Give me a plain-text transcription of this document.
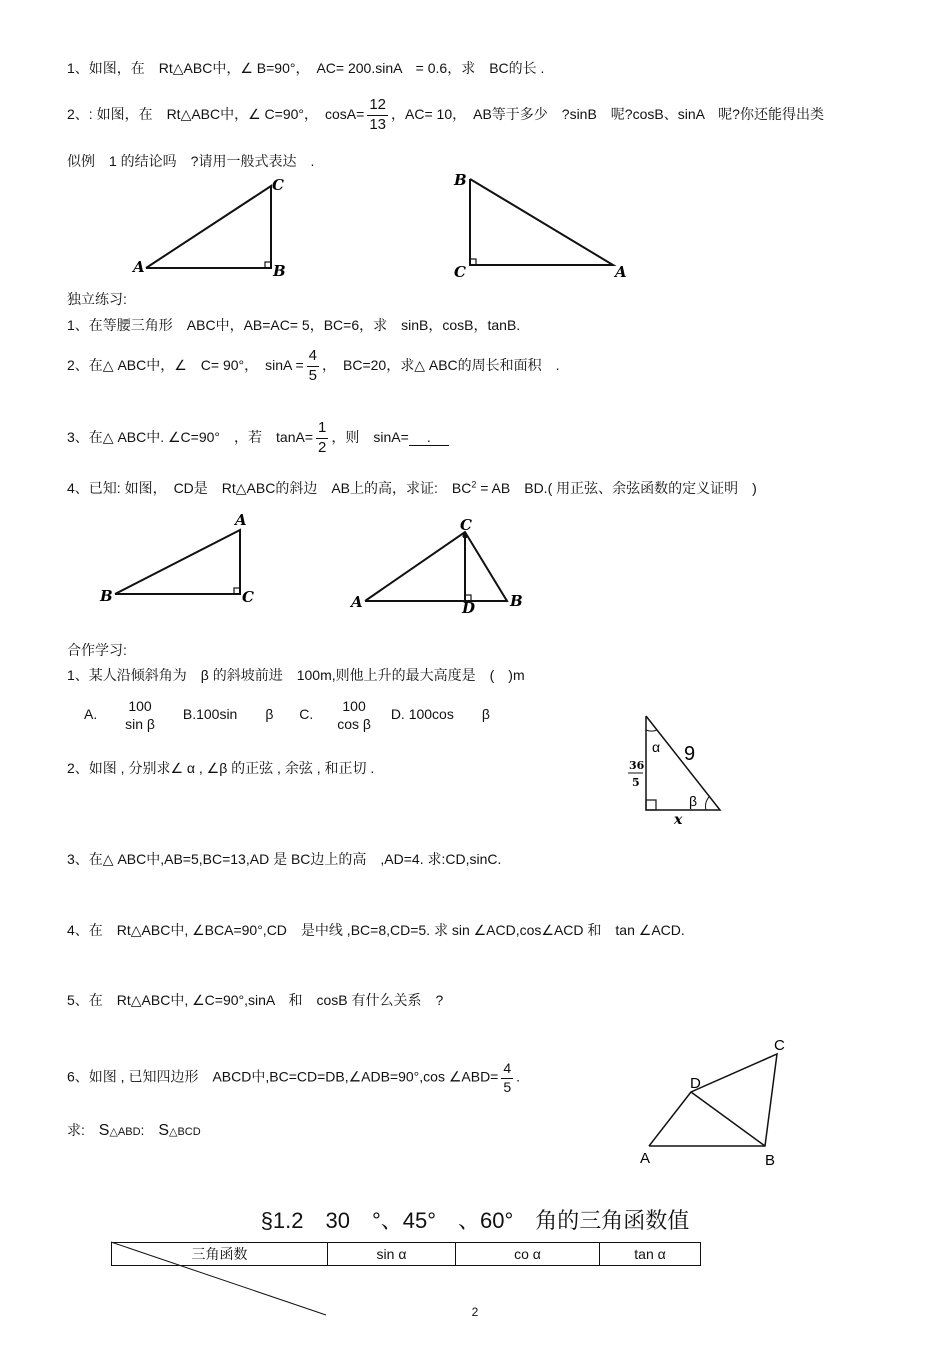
1、如图，在　Rt△ABC中，∠ B=90°，　AC= 200.sinA　= 0.6，求　BC的长 .
2、: 如图，在　Rt△ABC中，∠ C=90°，　$\cos A= \frac{12}{13}$ ，AC= 10，　AB等于多少　?sinB　呢?cosB、sinA　呢?你还能得出类
似例　1 的结论吗　?请用一般式表达　.
A	B
C	B
C	A
独立练习:
1、在等腰三角形　ABC中，AB=AC= 5，BC=6，求　sinB，cosB，tanB.
2、在△ ABC中，∠　C= 90°，　$\sin A = \frac{4}{5}$ ，　BC=20，求△ ABC的周长和面积　.
3、在△ ABC中. ∠C=90°　，若　$\tan A= \frac{1}{2}$ ，则　sinA= .
4、已知: 如图，　CD是　Rt△ABC的斜边　AB上的高，求证:　$BC^2$ = AB　BD.( 用正弦、余弦函数的定义证明　)
B
A
C
C
A	B
D
合作学习:
1、某人沿倾斜角为　β 的斜坡前进　100m,则他上升的最大高度是　(　)m
A.
100
sin β
B.100sin　　β C.
100
cos β
D. 100cos　　β
2、如图 , 分别求∠ α , ∠β 的正弦 , 余弦 , 和正切 .
α 9
β
36
5
x
3、在△ ABC中,AB=5,BC=13,AD 是 BC边上的高　,AD=4. 求:CD,sinC.
4、在　Rt△ABC中, ∠BCA=90°,CD　是中线 ,BC=8,CD=5. 求 sin ∠ACD,cos∠ACD 和　tan ∠ACD.
5、在　Rt△ABC中, ∠C=90°,sinA　和　cosB 有什么关系　?
6、如图 , 已知四边形　ABCD中,BC=CD=DB,∠ADB=90°,cos ∠ABD= $\frac{4}{5}$ .
求: S△ABD: S△BCD
C
D
A	B
§1.2　30　°、45°　、60°　角的三角函数值
三角函数	sin α	co α	tan α
2
